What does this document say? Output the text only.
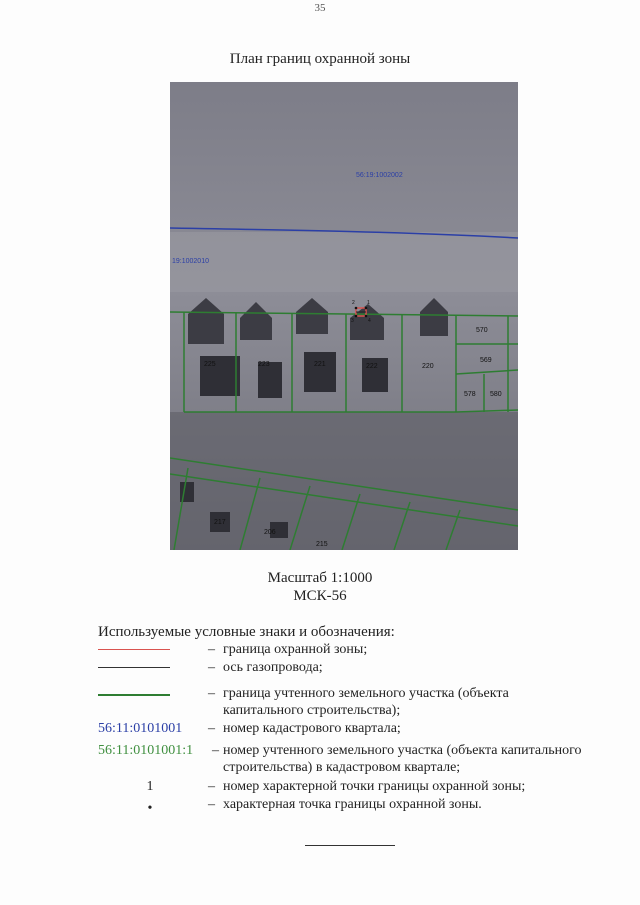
35
План границ охранной зоны
56:19:1002002
19:1002010
225	223	221	222	220
570
569
578 580
217
206
215
2 1
4
3
Масштаб 1:1000
МСК-56
Используемые условные знаки и обозначения:
– граница охранной зоны;
– ось газопровода;
– граница учтенного земельного участка (объекта капитального строительства);
56:11:0101001	– номер кадастрового квартала;
56:11:0101001:1	– номер учтенного земельного участка (объекта капитального строительства) в кадастровом квартале;
1	– номер характерной точки границы охранной зоны;
•	– характерная точка границы охранной зоны.
